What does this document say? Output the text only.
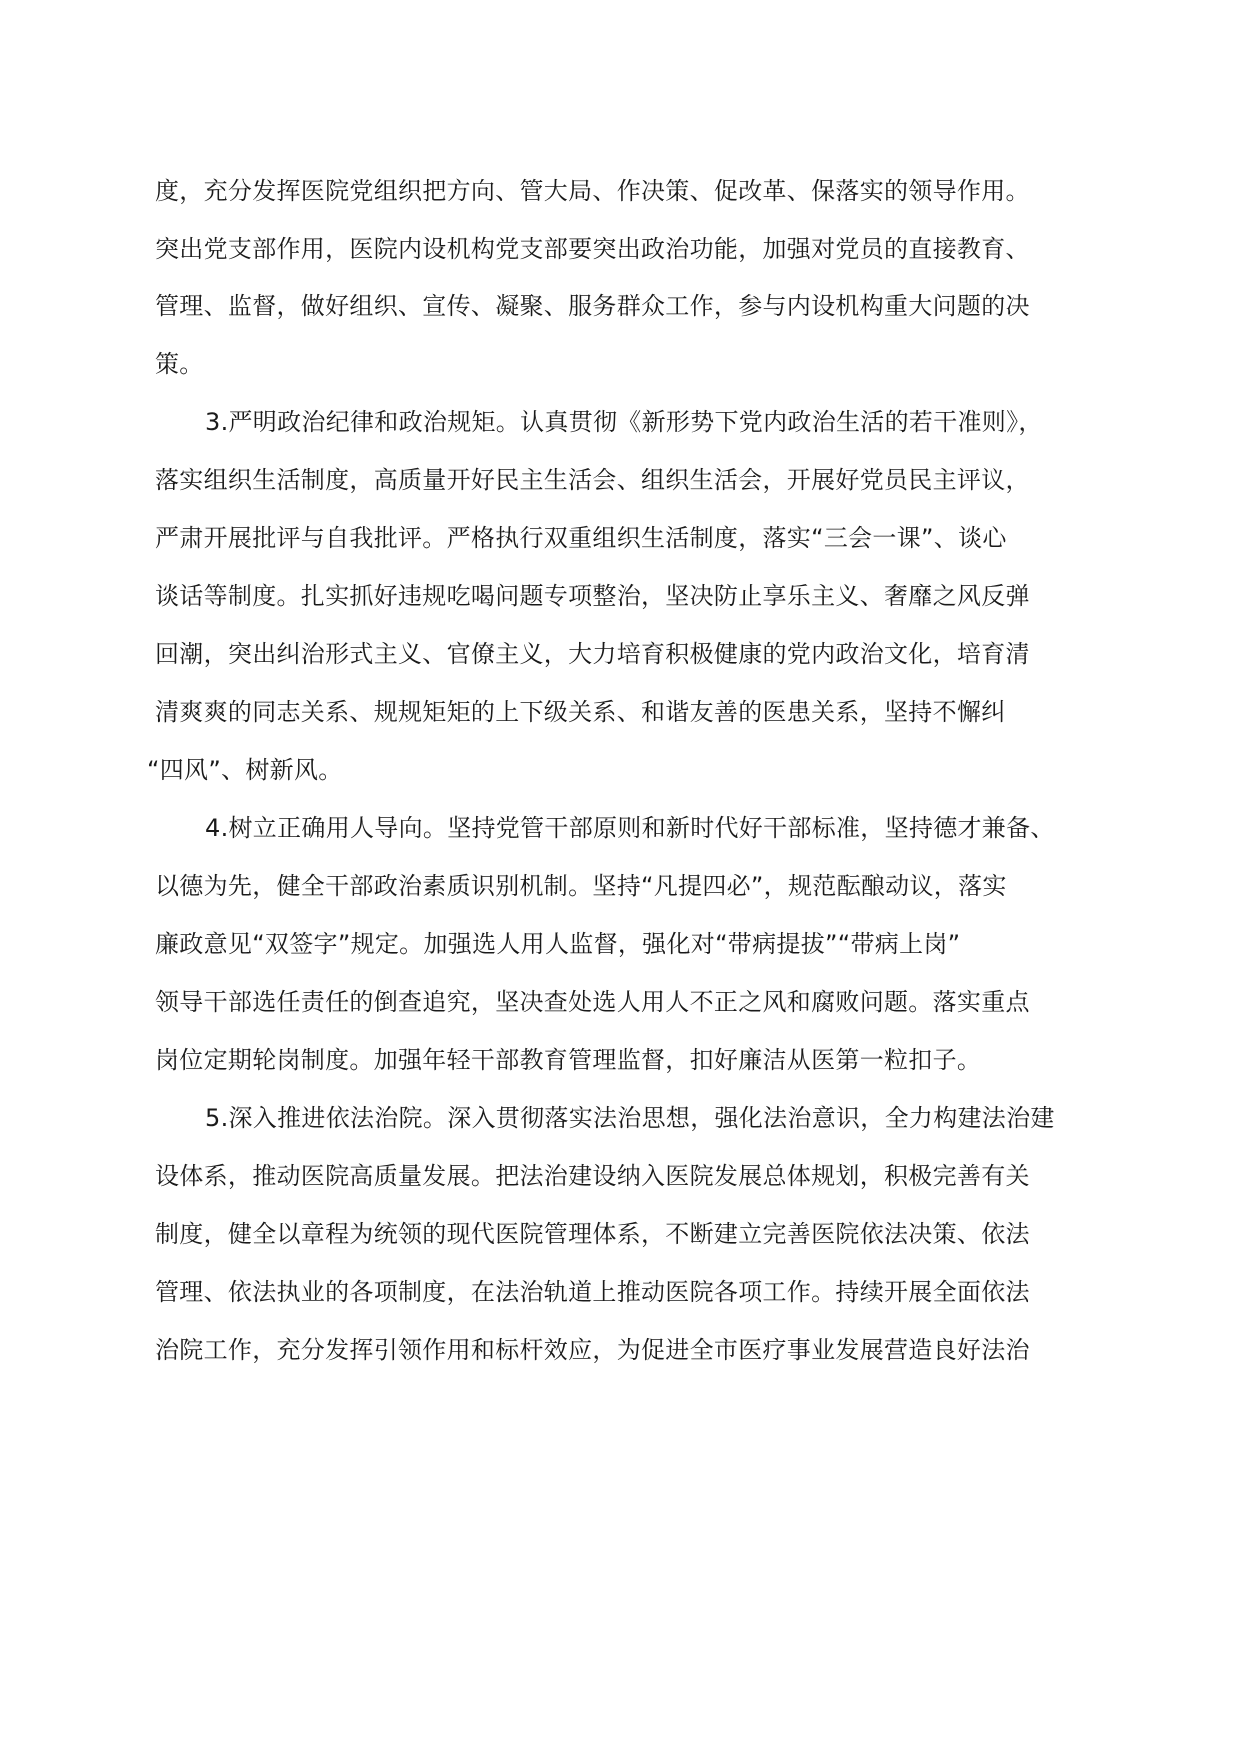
度，充分发挥医院党组织把方向、管大局、作决策、促改革、保落实的领导作用。
突出党支部作用，医院内设机构党支部要突出政治功能，加强对党员的直接教育、
管理、监督，做好组织、宣传、凝聚、服务群众工作，参与内设机构重大问题的决
策。
3.严明政治纪律和政治规矩。认真贯彻《新形势下党内政治生活的若干准则》，
落实组织生活制度，高质量开好民主生活会、组织生活会，开展好党员民主评议，
严肃开展批评与自我批评。严格执行双重组织生活制度，落实“三会一课”、谈心
谈话等制度。扎实抓好违规吃喝问题专项整治，坚决防止享乐主义、奢靡之风反弹
回潮，突出纠治形式主义、官僚主义，大力培育积极健康的党内政治文化，培育清
清爽爽的同志关系、规规矩矩的上下级关系、和谐友善的医患关系，坚持不懈纠
“四风”、树新风。
4.树立正确用人导向。坚持党管干部原则和新时代好干部标准，坚持德才兼备、
以德为先，健全干部政治素质识别机制。坚持“凡提四必”，规范酝酿动议，落实
廉政意见“双签字”规定。加强选人用人监督，强化对“带病提拔”“带病上岗”
领导干部选任责任的倒查追究，坚决查处选人用人不正之风和腐败问题。落实重点
岗位定期轮岗制度。加强年轻干部教育管理监督，扣好廉洁从医第一粒扣子。
5.深入推进依法治院。深入贯彻落实法治思想，强化法治意识，全力构建法治建
设体系，推动医院高质量发展。把法治建设纳入医院发展总体规划，积极完善有关
制度，健全以章程为统领的现代医院管理体系，不断建立完善医院依法决策、依法
管理、依法执业的各项制度，在法治轨道上推动医院各项工作。持续开展全面依法
治院工作，充分发挥引领作用和标杆效应，为促进全市医疗事业发展营造良好法治
